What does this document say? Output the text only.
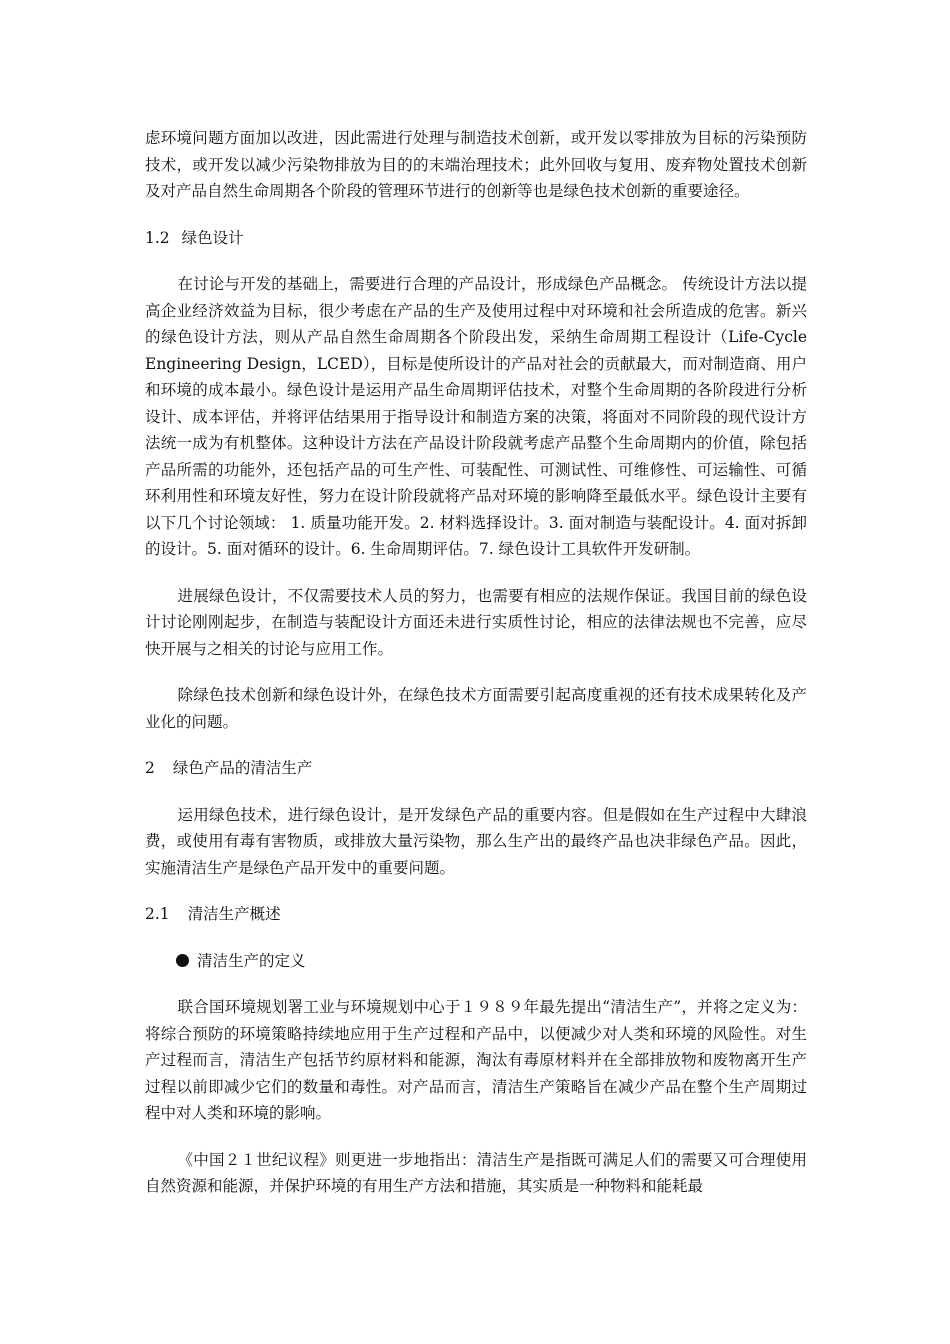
虑环境问题方面加以改进，因此需进行处理与制造技术创新，或开发以零排放为目标的污染预防技术，或开发以减少污染物排放为目的的末端治理技术；此外回收与复用、废弃物处置技术创新及对产品自然生命周期各个阶段的管理环节进行的创新等也是绿色技术创新的重要途径。

1.2 绿色设计

在讨论与开发的基础上，需要进行合理的产品设计，形成绿色产品概念。 传统设计方法以提高企业经济效益为目标，很少考虑在产品的生产及使用过程中对环境和社会所造成的危害。新兴的绿色设计方法，则从产品自然生命周期各个阶段出发，采纳生命周期工程设计（Life-Cycle Engineering Design，LCED），目标是使所设计的产品对社会的贡献最大，而对制造商、用户和环境的成本最小。绿色设计是运用产品生命周期评估技术，对整个生命周期的各阶段进行分析设计、成本评估，并将评估结果用于指导设计和制造方案的决策，将面对不同阶段的现代设计方法统一成为有机整体。这种设计方法在产品设计阶段就考虑产品整个生命周期内的价值，除包括产品所需的功能外，还包括产品的可生产性、可装配性、可测试性、可维修性、可运输性、可循环利用性和环境友好性，努力在设计阶段就将产品对环境的影响降至最低水平。绿色设计主要有以下几个讨论领域： 1. 质量功能开发。2. 材料选择设计。3. 面对制造与装配设计。4. 面对拆卸的设计。5. 面对循环的设计。6. 生命周期评估。7. 绿色设计工具软件开发研制。

进展绿色设计，不仅需要技术人员的努力，也需要有相应的法规作保证。我国目前的绿色设计讨论刚刚起步，在制造与装配设计方面还未进行实质性讨论，相应的法律法规也不完善，应尽快开展与之相关的讨论与应用工作。

除绿色技术创新和绿色设计外，在绿色技术方面需要引起高度重视的还有技术成果转化及产业化的问题。

2 绿色产品的清洁生产

运用绿色技术，进行绿色设计，是开发绿色产品的重要内容。但是假如在生产过程中大肆浪费，或使用有毒有害物质，或排放大量污染物，那么生产出的最终产品也决非绿色产品。因此，实施清洁生产是绿色产品开发中的重要问题。

2.1 清洁生产概述
清洁生产的定义

联合国环境规划署工业与环境规划中心于１９８９年最先提出“清洁生产”，并将之定义为：将综合预防的环境策略持续地应用于生产过程和产品中，以便减少对人类和环境的风险性。对生产过程而言，清洁生产包括节约原材料和能源，淘汰有毒原材料并在全部排放物和废物离开生产过程以前即减少它们的数量和毒性。对产品而言，清洁生产策略旨在减少产品在整个生产周期过程中对人类和环境的影响。

《中国２１世纪议程》则更进一步地指出：清洁生产是指既可满足人们的需要又可合理使用自然资源和能源，并保护环境的有用生产方法和措施，其实质是一种物料和能耗最
